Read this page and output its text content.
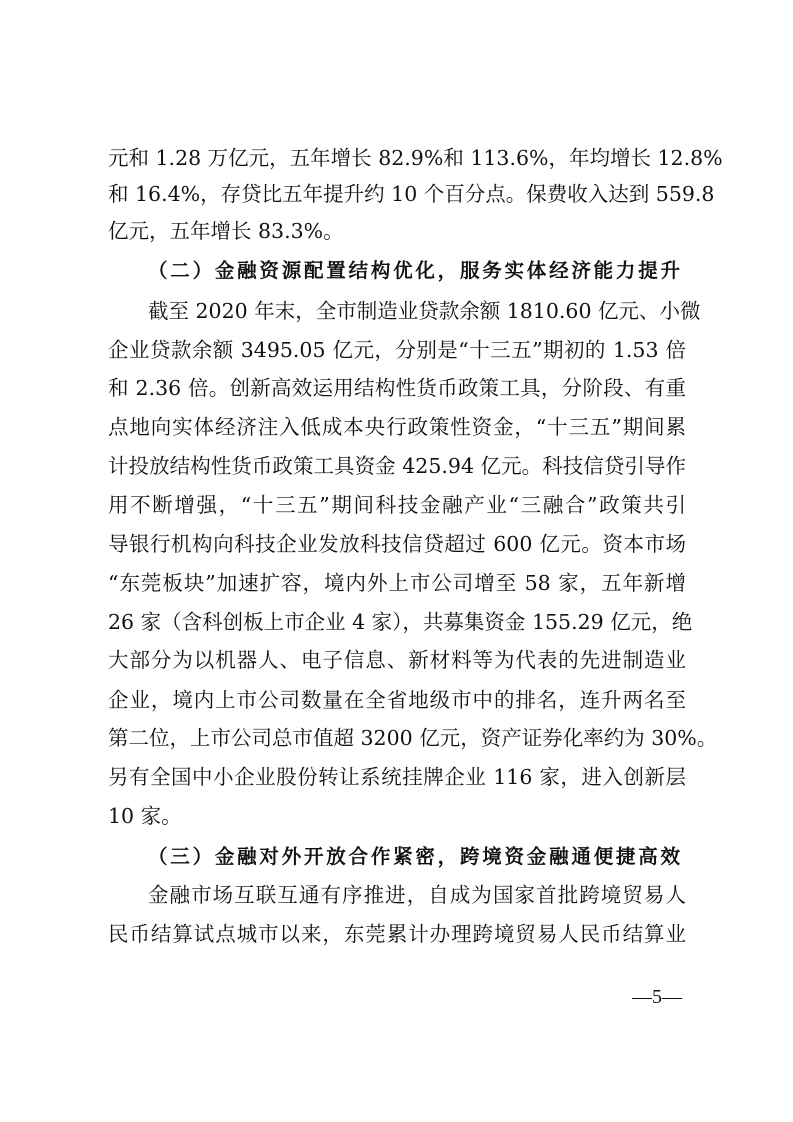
元和 1.28 万亿元，五年增长 82.9%和 113.6%，年均增长 12.8%
和 16.4%，存贷比五年提升约 10 个百分点。保费收入达到 559.8
亿元，五年增长 83.3%。
（二）金融资源配置结构优化，服务实体经济能力提升
截至 2020 年末，全市制造业贷款余额 1810.60 亿元、小微
企业贷款余额 3495.05 亿元，分别是“十三五”期初的 1.53 倍
和 2.36 倍。创新高效运用结构性货币政策工具，分阶段、有重
点地向实体经济注入低成本央行政策性资金，“十三五”期间累
计投放结构性货币政策工具资金 425.94 亿元。科技信贷引导作
用不断增强，“十三五”期间科技金融产业“三融合”政策共引
导银行机构向科技企业发放科技信贷超过 600 亿元。资本市场
“东莞板块”加速扩容，境内外上市公司增至 58 家，五年新增
26 家（含科创板上市企业 4 家），共募集资金 155.29 亿元，绝
大部分为以机器人、电子信息、新材料等为代表的先进制造业
企业，境内上市公司数量在全省地级市中的排名，连升两名至
第二位，上市公司总市值超 3200 亿元，资产证券化率约为 30%。
另有全国中小企业股份转让系统挂牌企业 116 家，进入创新层
10 家。
（三）金融对外开放合作紧密，跨境资金融通便捷高效
金融市场互联互通有序推进，自成为国家首批跨境贸易人
民币结算试点城市以来，东莞累计办理跨境贸易人民币结算业
—5—
